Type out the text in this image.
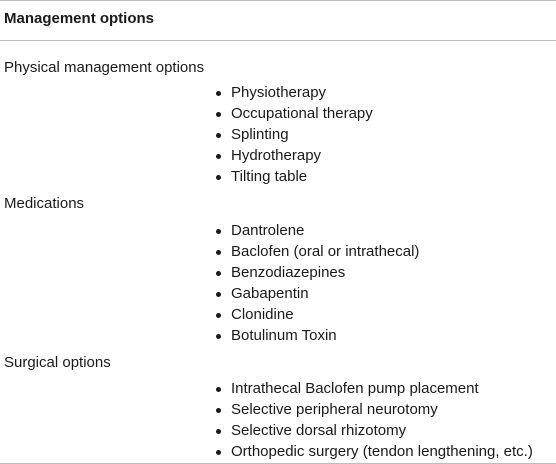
Management options
Physical management options
Physiotherapy
Occupational therapy
Splinting
Hydrotherapy
Tilting table
Medications
Dantrolene
Baclofen (oral or intrathecal)
Benzodiazepines
Gabapentin
Clonidine
Botulinum Toxin
Surgical options
Intrathecal Baclofen pump placement
Selective peripheral neurotomy
Selective dorsal rhizotomy
Orthopedic surgery (tendon lengthening, etc.)
